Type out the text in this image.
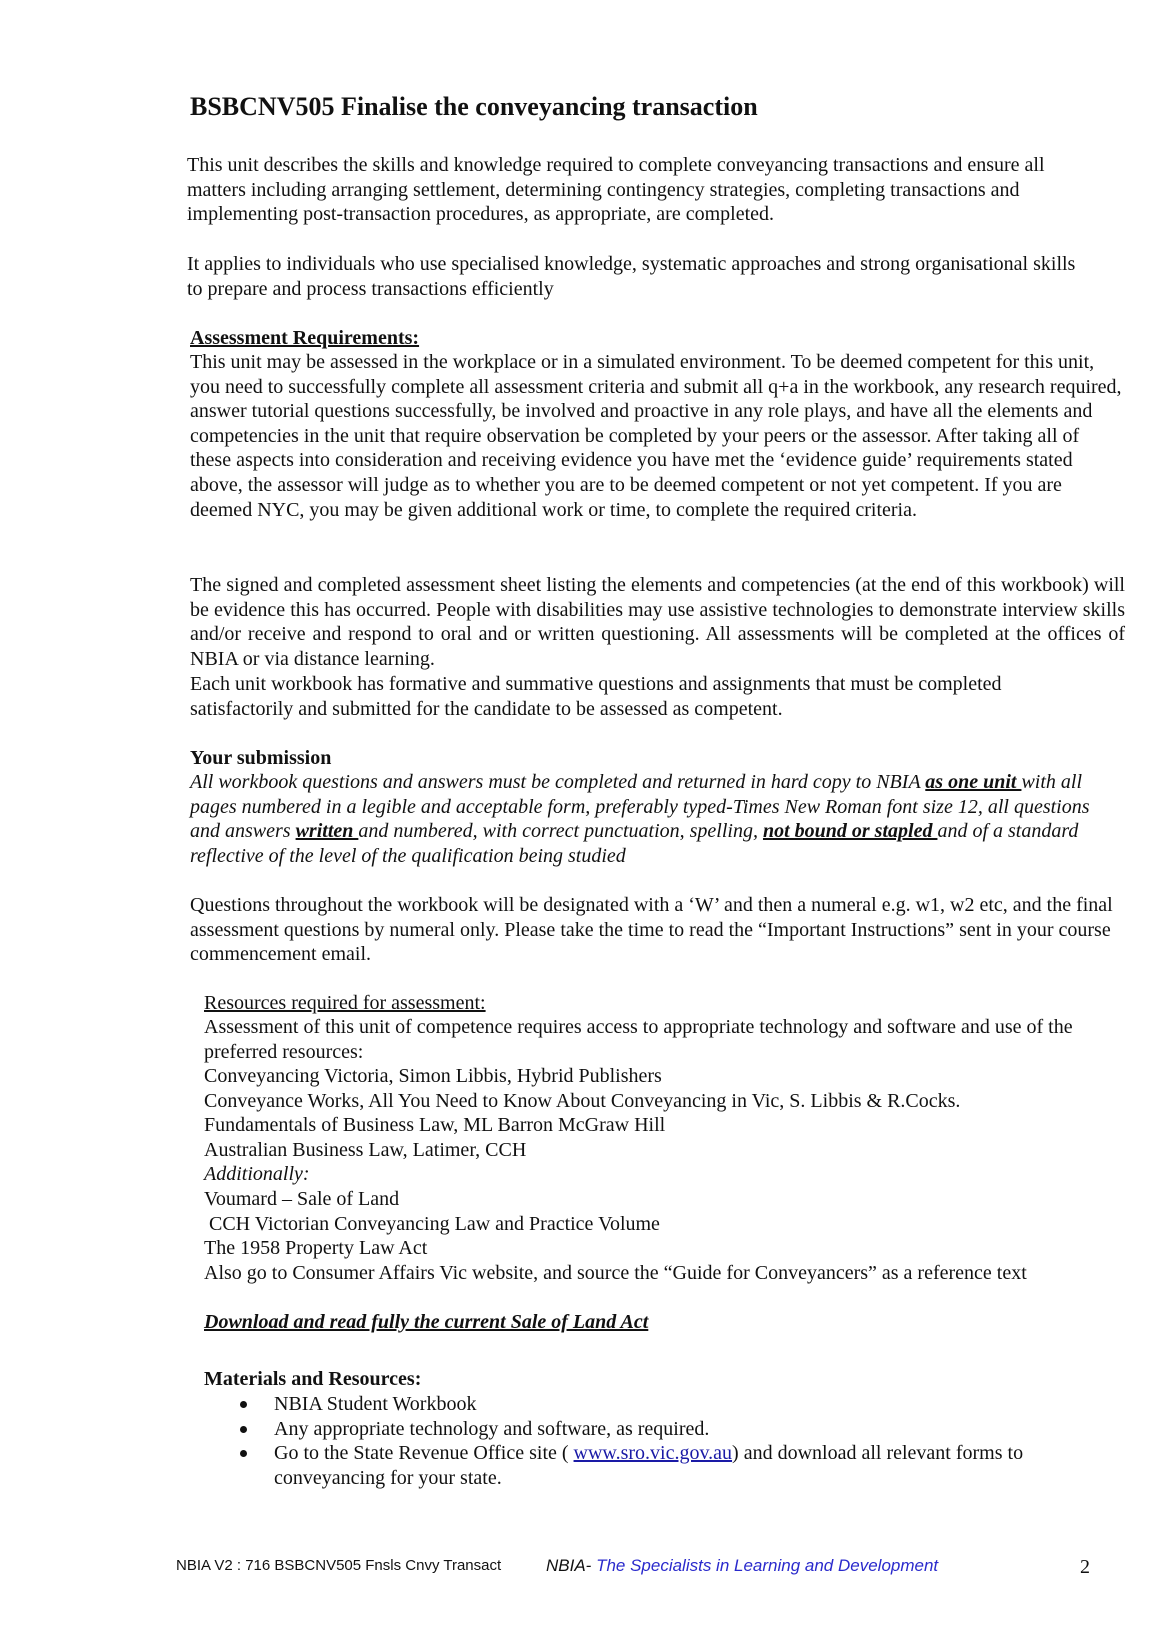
BSBCNV505 Finalise the conveyancing transaction

This unit describes the skills and knowledge required to complete conveyancing transactions and ensure all matters including arranging settlement, determining contingency strategies, completing transactions and implementing post-transaction procedures, as appropriate, are completed.

It applies to individuals who use specialised knowledge, systematic approaches and strong organisational skills to prepare and process transactions efficiently

Assessment Requirements:

This unit may be assessed in the workplace or in a simulated environment. To be deemed competent for this unit, you need to successfully complete all assessment criteria and submit all q+a in the workbook, any research required, answer tutorial questions successfully, be involved and proactive in any role plays, and have all the elements and competencies in the unit that require observation be completed by your peers or the assessor. After taking all of these aspects into consideration and receiving evidence you have met the ‘evidence guide’ requirements stated above, the assessor will judge as to whether you are to be deemed competent or not yet competent. If you are deemed NYC, you may be given additional work or time, to complete the required criteria.

The signed and completed assessment sheet listing the elements and competencies (at the end of this workbook) will be evidence this has occurred. People with disabilities may use assistive technologies to demonstrate interview skills and/or receive and respond to oral and or written questioning. All assessments will be completed at the offices of NBIA or via distance learning.

Each unit workbook has formative and summative questions and assignments that must be completed satisfactorily and submitted for the candidate to be assessed as competent.

Your submission

All workbook questions and answers must be completed and returned in hard copy to NBIA as one unit with all pages numbered in a legible and acceptable form, preferably typed-Times New Roman font size 12, all questions and answers written and numbered, with correct punctuation, spelling, not bound or stapled and of a standard reflective of the level of the qualification being studied

Questions throughout the workbook will be designated with a ‘W’ and then a numeral e.g. w1, w2 etc, and the final assessment questions by numeral only. Please take the time to read the “Important Instructions” sent in your course commencement email.

Resources required for assessment:

Assessment of this unit of competence requires access to appropriate technology and software and use of the preferred resources:

Conveyancing Victoria, Simon Libbis, Hybrid Publishers

Conveyance Works, All You Need to Know About Conveyancing in Vic, S. Libbis & R.Cocks.

Fundamentals of Business Law, ML Barron McGraw Hill

Australian Business Law, Latimer, CCH

Additionally:

Voumard – Sale of Land

CCH Victorian Conveyancing Law and Practice Volume

The 1958 Property Law Act

Also go to Consumer Affairs Vic website, and source the “Guide for Conveyancers” as a reference text

Download and read fully the current Sale of Land Act

Materials and Resources:

NBIA Student Workbook
Any appropriate technology and software, as required.
Go to the State Revenue Office site ( www.sro.vic.gov.au) and download all relevant forms to conveyancing for your state.
NBIA V2 : 716 BSBCNV505 Fnsls Cnvy Transact	NBIA- The Specialists in Learning and Development	2
